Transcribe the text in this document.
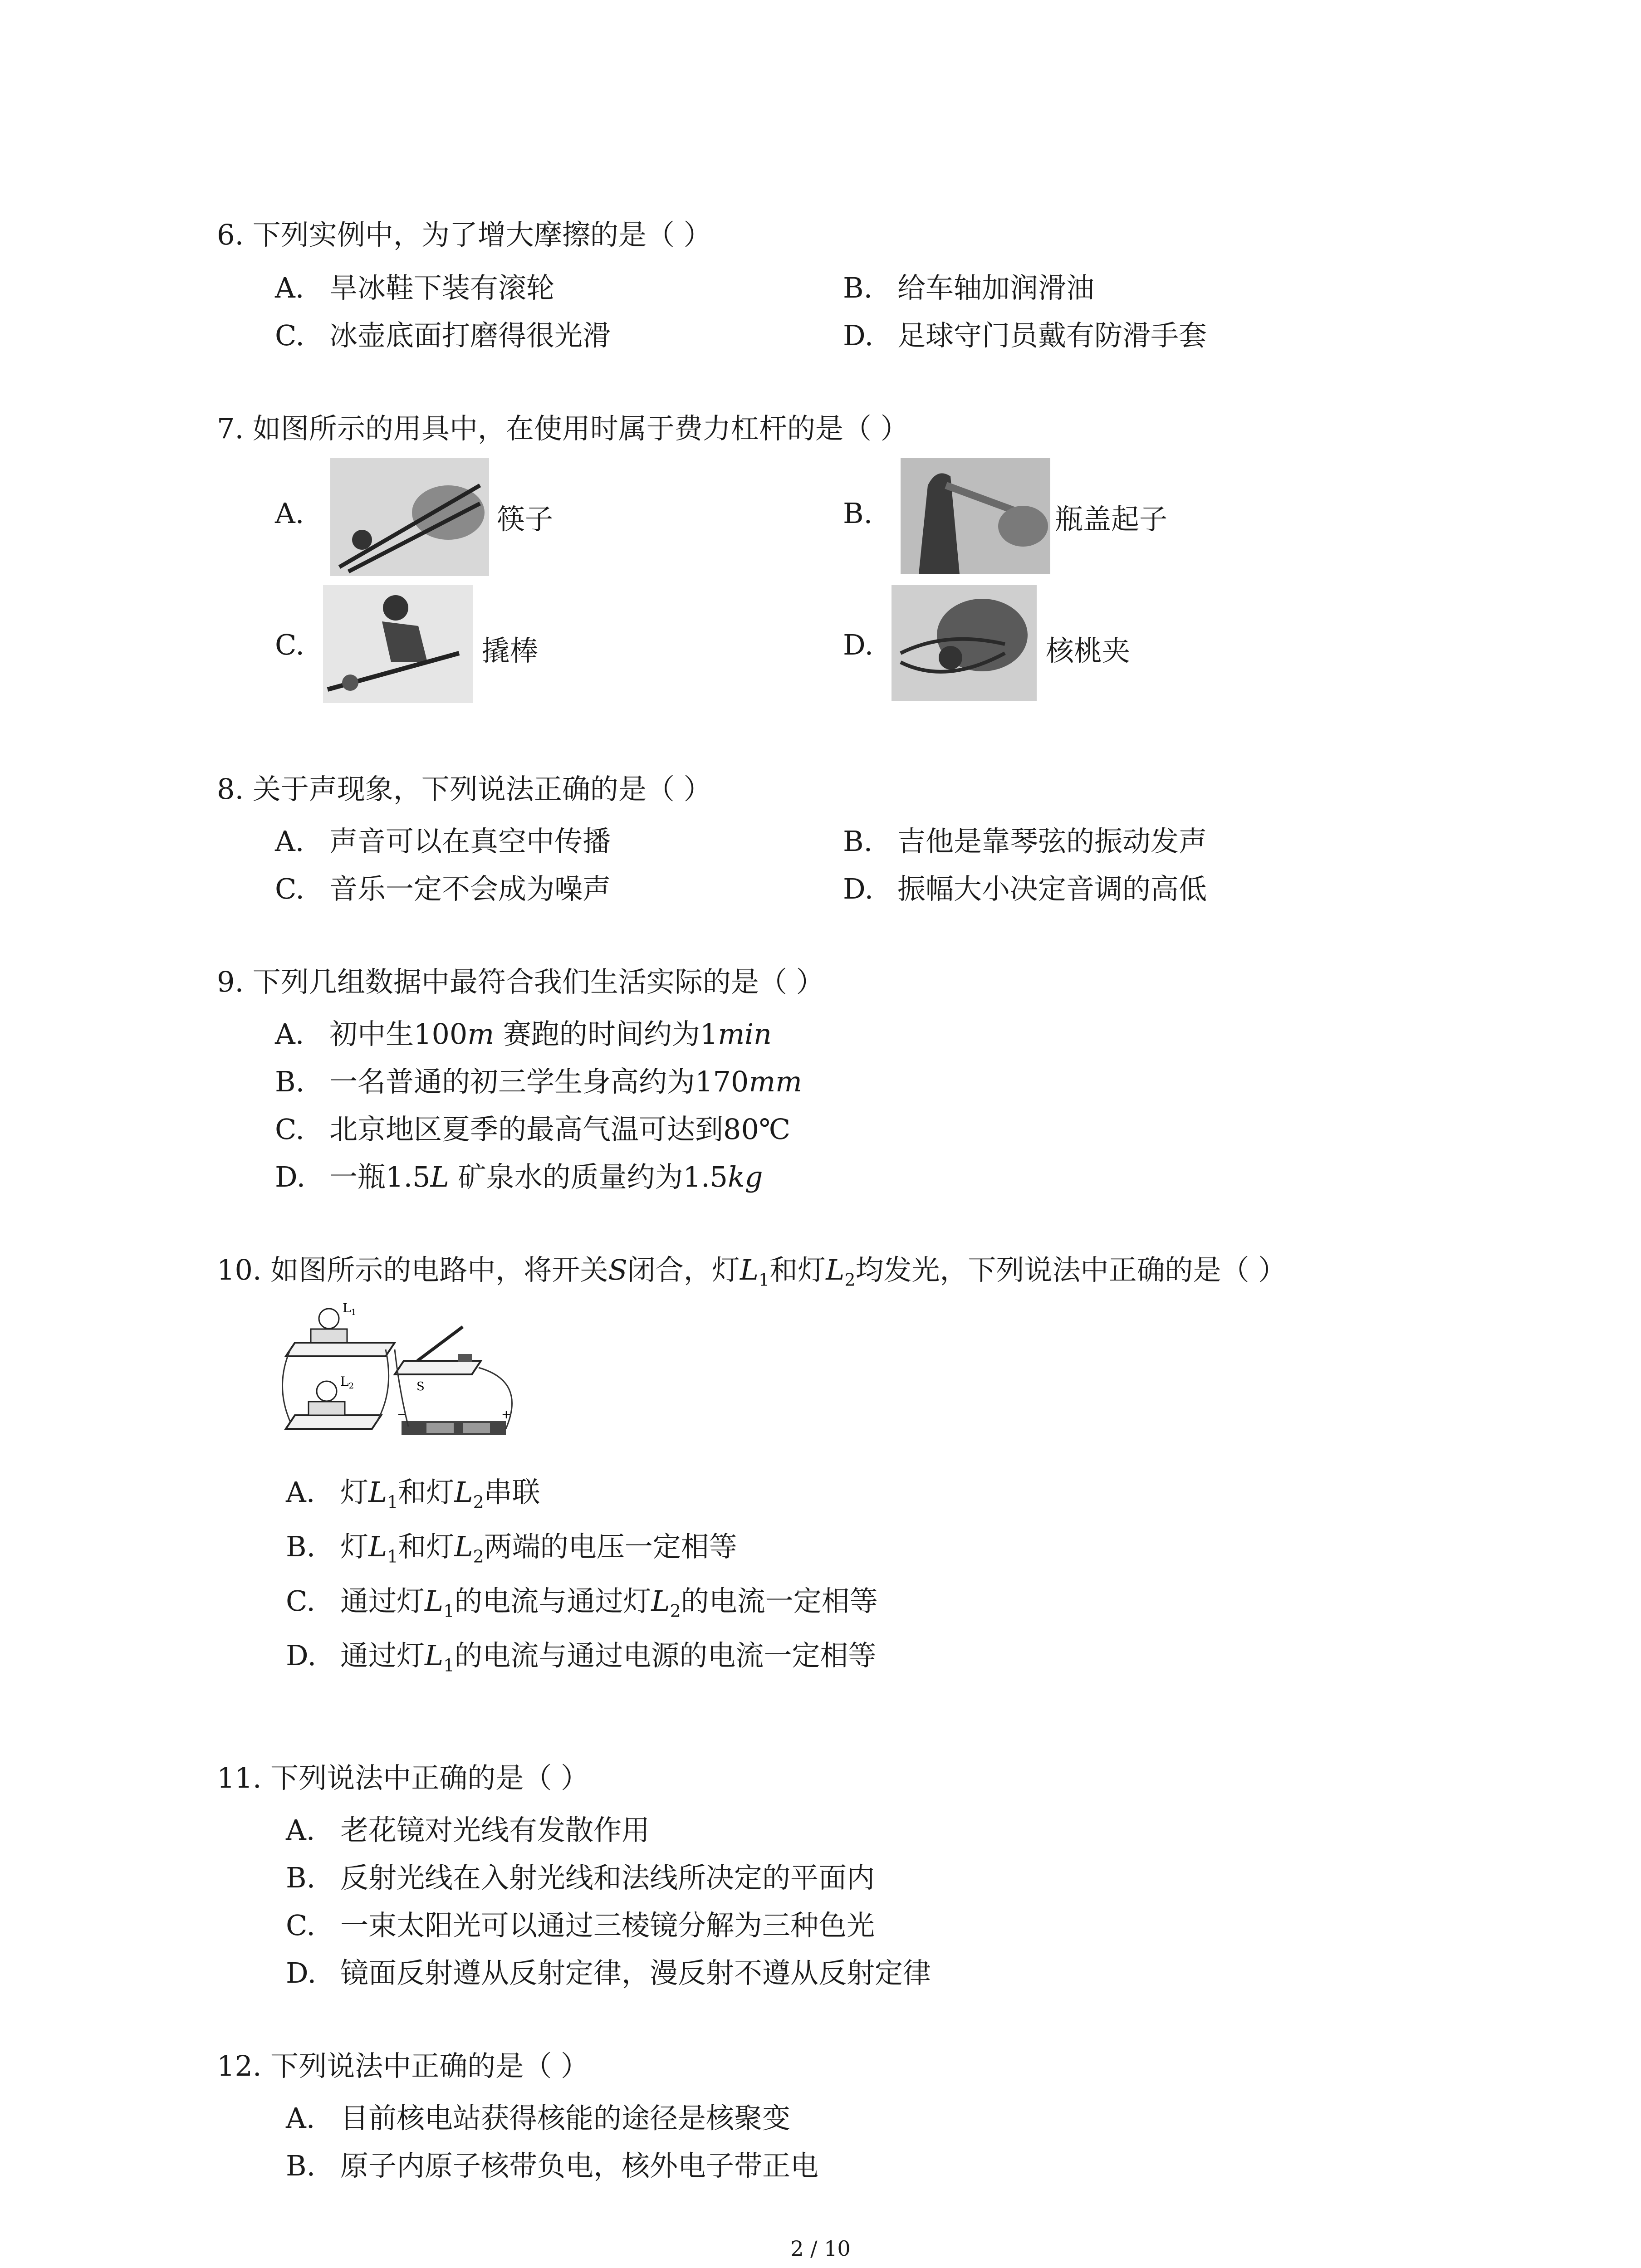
6. 下列实例中，为了增大摩擦的是（ ）
A. 旱冰鞋下装有滚轮	B. 给车轴加润滑油
C. 冰壶底面打磨得很光滑	D. 足球守门员戴有防滑手套
7. 如图所示的用具中，在使用时属于费力杠杆的是（ ）
A.	筷子	B.	瓶盖起子
C.	撬棒	D.	核桃夹
8. 关于声现象，下列说法正确的是（ ）
A. 声音可以在真空中传播	B. 吉他是靠琴弦的振动发声
C. 音乐一定不会成为噪声	D. 振幅大小决定音调的高低
9. 下列几组数据中最符合我们生活实际的是（ ）
A. 初中生100m 赛跑的时间约为1min
B. 一名普通的初三学生身高约为170mm
C. 北京地区夏季的最高气温可达到80℃
D. 一瓶1.5L 矿泉水的质量约为1.5kg
10. 如图所示的电路中，将开关S闭合，灯$L_1$和灯$L_2$均发光，下列说法中正确的是（ ）
$L_1$
$L_2$	S
−	+
A. 灯$L_1$和灯$L_2$串联
B. 灯$L_1$和灯$L_2$两端的电压一定相等
C. 通过灯$L_1$的电流与通过灯$L_2$的电流一定相等
D. 通过灯$L_1$的电流与通过电源的电流一定相等
11. 下列说法中正确的是（ ）
A. 老花镜对光线有发散作用
B. 反射光线在入射光线和法线所决定的平面内
C. 一束太阳光可以通过三棱镜分解为三种色光
D. 镜面反射遵从反射定律，漫反射不遵从反射定律
12. 下列说法中正确的是（ ）
A. 目前核电站获得核能的途径是核聚变
B. 原子内原子核带负电，核外电子带正电
2 / 10
